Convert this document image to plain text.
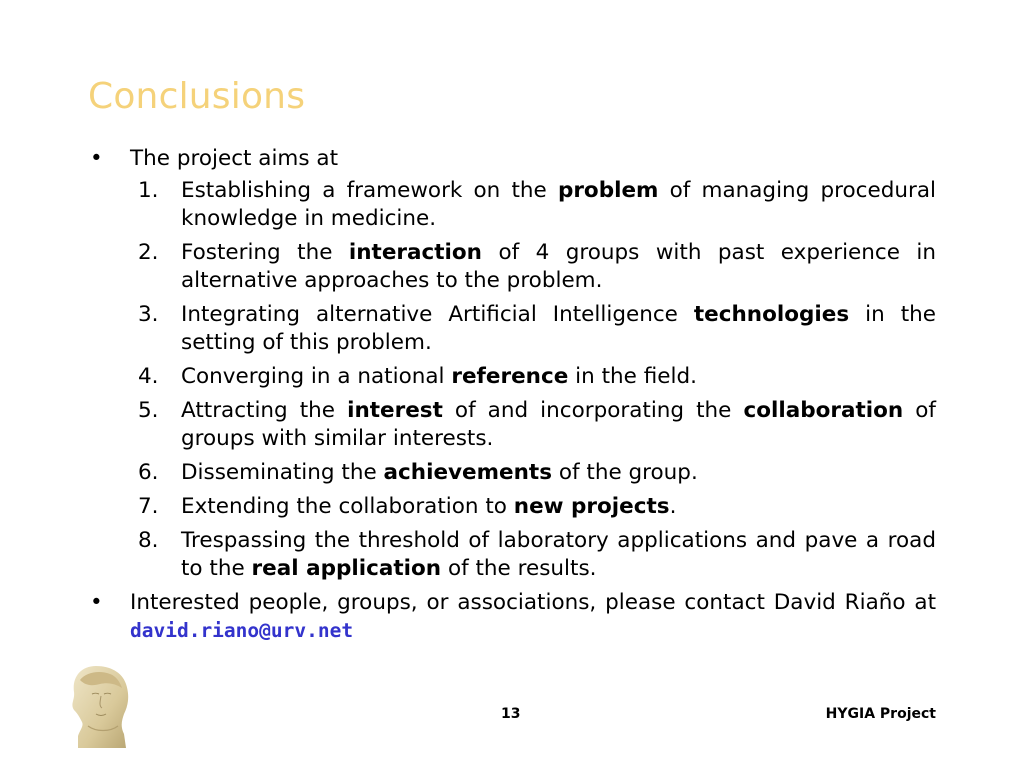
Conclusions
• The project aims at
1. Establishing a framework on the problem of managing procedural knowledge in medicine.
2. Fostering the interaction of 4 groups with past experience in alternative approaches to the problem.
3. Integrating alternative Artificial Intelligence technologies in the setting of this problem.
4. Converging in a national reference in the field.
5. Attracting the interest of and incorporating the collaboration of groups with similar interests.
6. Disseminating the achievements of the group.
7. Extending the collaboration to new projects.
8. Trespassing the threshold of laboratory applications and pave a road to the real application of the results.
• Interested people, groups, or associations, please contact David Riaño at david.riano@urv.net
13	HYGIA Project
